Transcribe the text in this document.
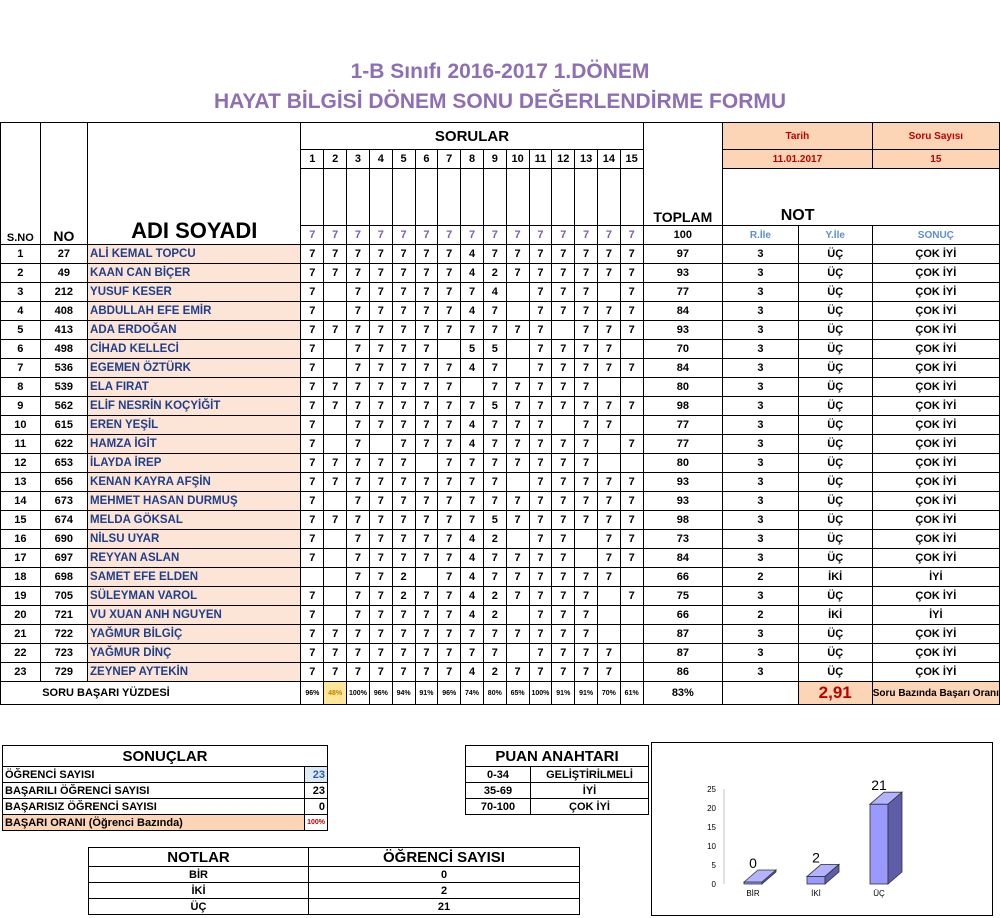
1-B Sınıfı 2016-2017 1.DÖNEM
HAYAT BİLGİSİ DÖNEM SONU DEĞERLENDİRME FORMU
S.NO	NO	ADI SOYADI	SORULAR															TOPLAM	Tarih		Soru Sayısı
			1	2	3	4	5	6	7	8	9	10	11	12	13	14	15		11.01.2017		15
																			NOT		
			7	7	7	7	7	7	7	7	7	7	7	7	7	7	7	100	R.İle	Y.İle	SONUÇ
1	27	ALİ KEMAL TOPCU	7	7	7	7	7	7	7	4	7	7	7	7	7	7	7	97	3	ÜÇ	ÇOK İYİ
2	49	KAAN CAN BİÇER	7	7	7	7	7	7	7	4	2	7	7	7	7	7	7	93	3	ÜÇ	ÇOK İYİ
3	212	YUSUF KESER	7		7	7	7	7	7	7	4		7	7	7		7	77	3	ÜÇ	ÇOK İYİ
4	408	ABDULLAH EFE EMİR	7		7	7	7	7	7	4	7		7	7	7	7	7	84	3	ÜÇ	ÇOK İYİ
5	413	ADA ERDOĞAN	7	7	7	7	7	7	7	7	7	7	7		7	7	7	93	3	ÜÇ	ÇOK İYİ
6	498	CİHAD KELLECİ	7		7	7	7	7		5	5		7	7	7	7		70	3	ÜÇ	ÇOK İYİ
7	536	EGEMEN ÖZTÜRK	7		7	7	7	7	7	4	7		7	7	7	7	7	84	3	ÜÇ	ÇOK İYİ
8	539	ELA FIRAT	7	7	7	7	7	7	7		7	7	7	7	7			80	3	ÜÇ	ÇOK İYİ
9	562	ELİF NESRİN KOÇYİĞİT	7	7	7	7	7	7	7	7	5	7	7	7	7	7	7	98	3	ÜÇ	ÇOK İYİ
10	615	EREN YEŞİL	7		7	7	7	7	7	4	7	7	7		7	7		77	3	ÜÇ	ÇOK İYİ
11	622	HAMZA İGİT	7		7		7	7	7	4	7	7	7	7	7		7	77	3	ÜÇ	ÇOK İYİ
12	653	İLAYDA İREP	7	7	7	7	7		7	7	7	7	7	7	7			80	3	ÜÇ	ÇOK İYİ
13	656	KENAN KAYRA AFŞİN	7	7	7	7	7	7	7	7	7		7	7	7	7	7	93	3	ÜÇ	ÇOK İYİ
14	673	MEHMET HASAN DURMUŞ	7		7	7	7	7	7	7	7	7	7	7	7	7	7	93	3	ÜÇ	ÇOK İYİ
15	674	MELDA GÖKSAL	7	7	7	7	7	7	7	7	5	7	7	7	7	7	7	98	3	ÜÇ	ÇOK İYİ
16	690	NİLSU UYAR	7		7	7	7	7	7	4	2		7	7		7	7	73	3	ÜÇ	ÇOK İYİ
17	697	REYYAN ASLAN	7		7	7	7	7	7	4	7	7	7	7		7	7	84	3	ÜÇ	ÇOK İYİ
18	698	SAMET EFE ELDEN			7	7	2		7	4	7	7	7	7	7	7		66	2	İKİ	İYİ
19	705	SÜLEYMAN VAROL	7		7	7	2	7	7	4	2	7	7	7	7		7	75	3	ÜÇ	ÇOK İYİ
20	721	VU XUAN ANH NGUYEN	7		7	7	7	7	7	4	2		7	7	7			66	2	İKİ	İYİ
21	722	YAĞMUR BİLGİÇ	7	7	7	7	7	7	7	7	7	7	7	7	7			87	3	ÜÇ	ÇOK İYİ
22	723	YAĞMUR DİNÇ	7	7	7	7	7	7	7	7	7		7	7	7	7		87	3	ÜÇ	ÇOK İYİ
23	729	ZEYNEP AYTEKİN	7	7	7	7	7	7	7	4	2	7	7	7	7	7		86	3	ÜÇ	ÇOK İYİ
	SORU BAŞARI YÜZDESİ		96%	48%	100%	96%	94%	91%	96%	74%	80%	65%	100%	91%	91%	70%	61%	83%		2,91	Soru Bazında Başarı Oranı
SONUÇLAR	
ÖĞRENCİ SAYISI	23
BAŞARILI ÖĞRENCİ SAYISI	23
BAŞARISIZ ÖĞRENCİ SAYISI	0
BAŞARI ORANI (Öğrenci Bazında)	100%
PUAN ANAHTARI	
0-34	GELİŞTİRİLMELİ
35-69	İYİ
70-100	ÇOK İYİ
NOTLAR	ÖĞRENCİ SAYISI
BİR	0
İKİ	2
ÜÇ	21
0
5
10
15
20
25
0
BİR
2
İKİ
21
ÜÇ
